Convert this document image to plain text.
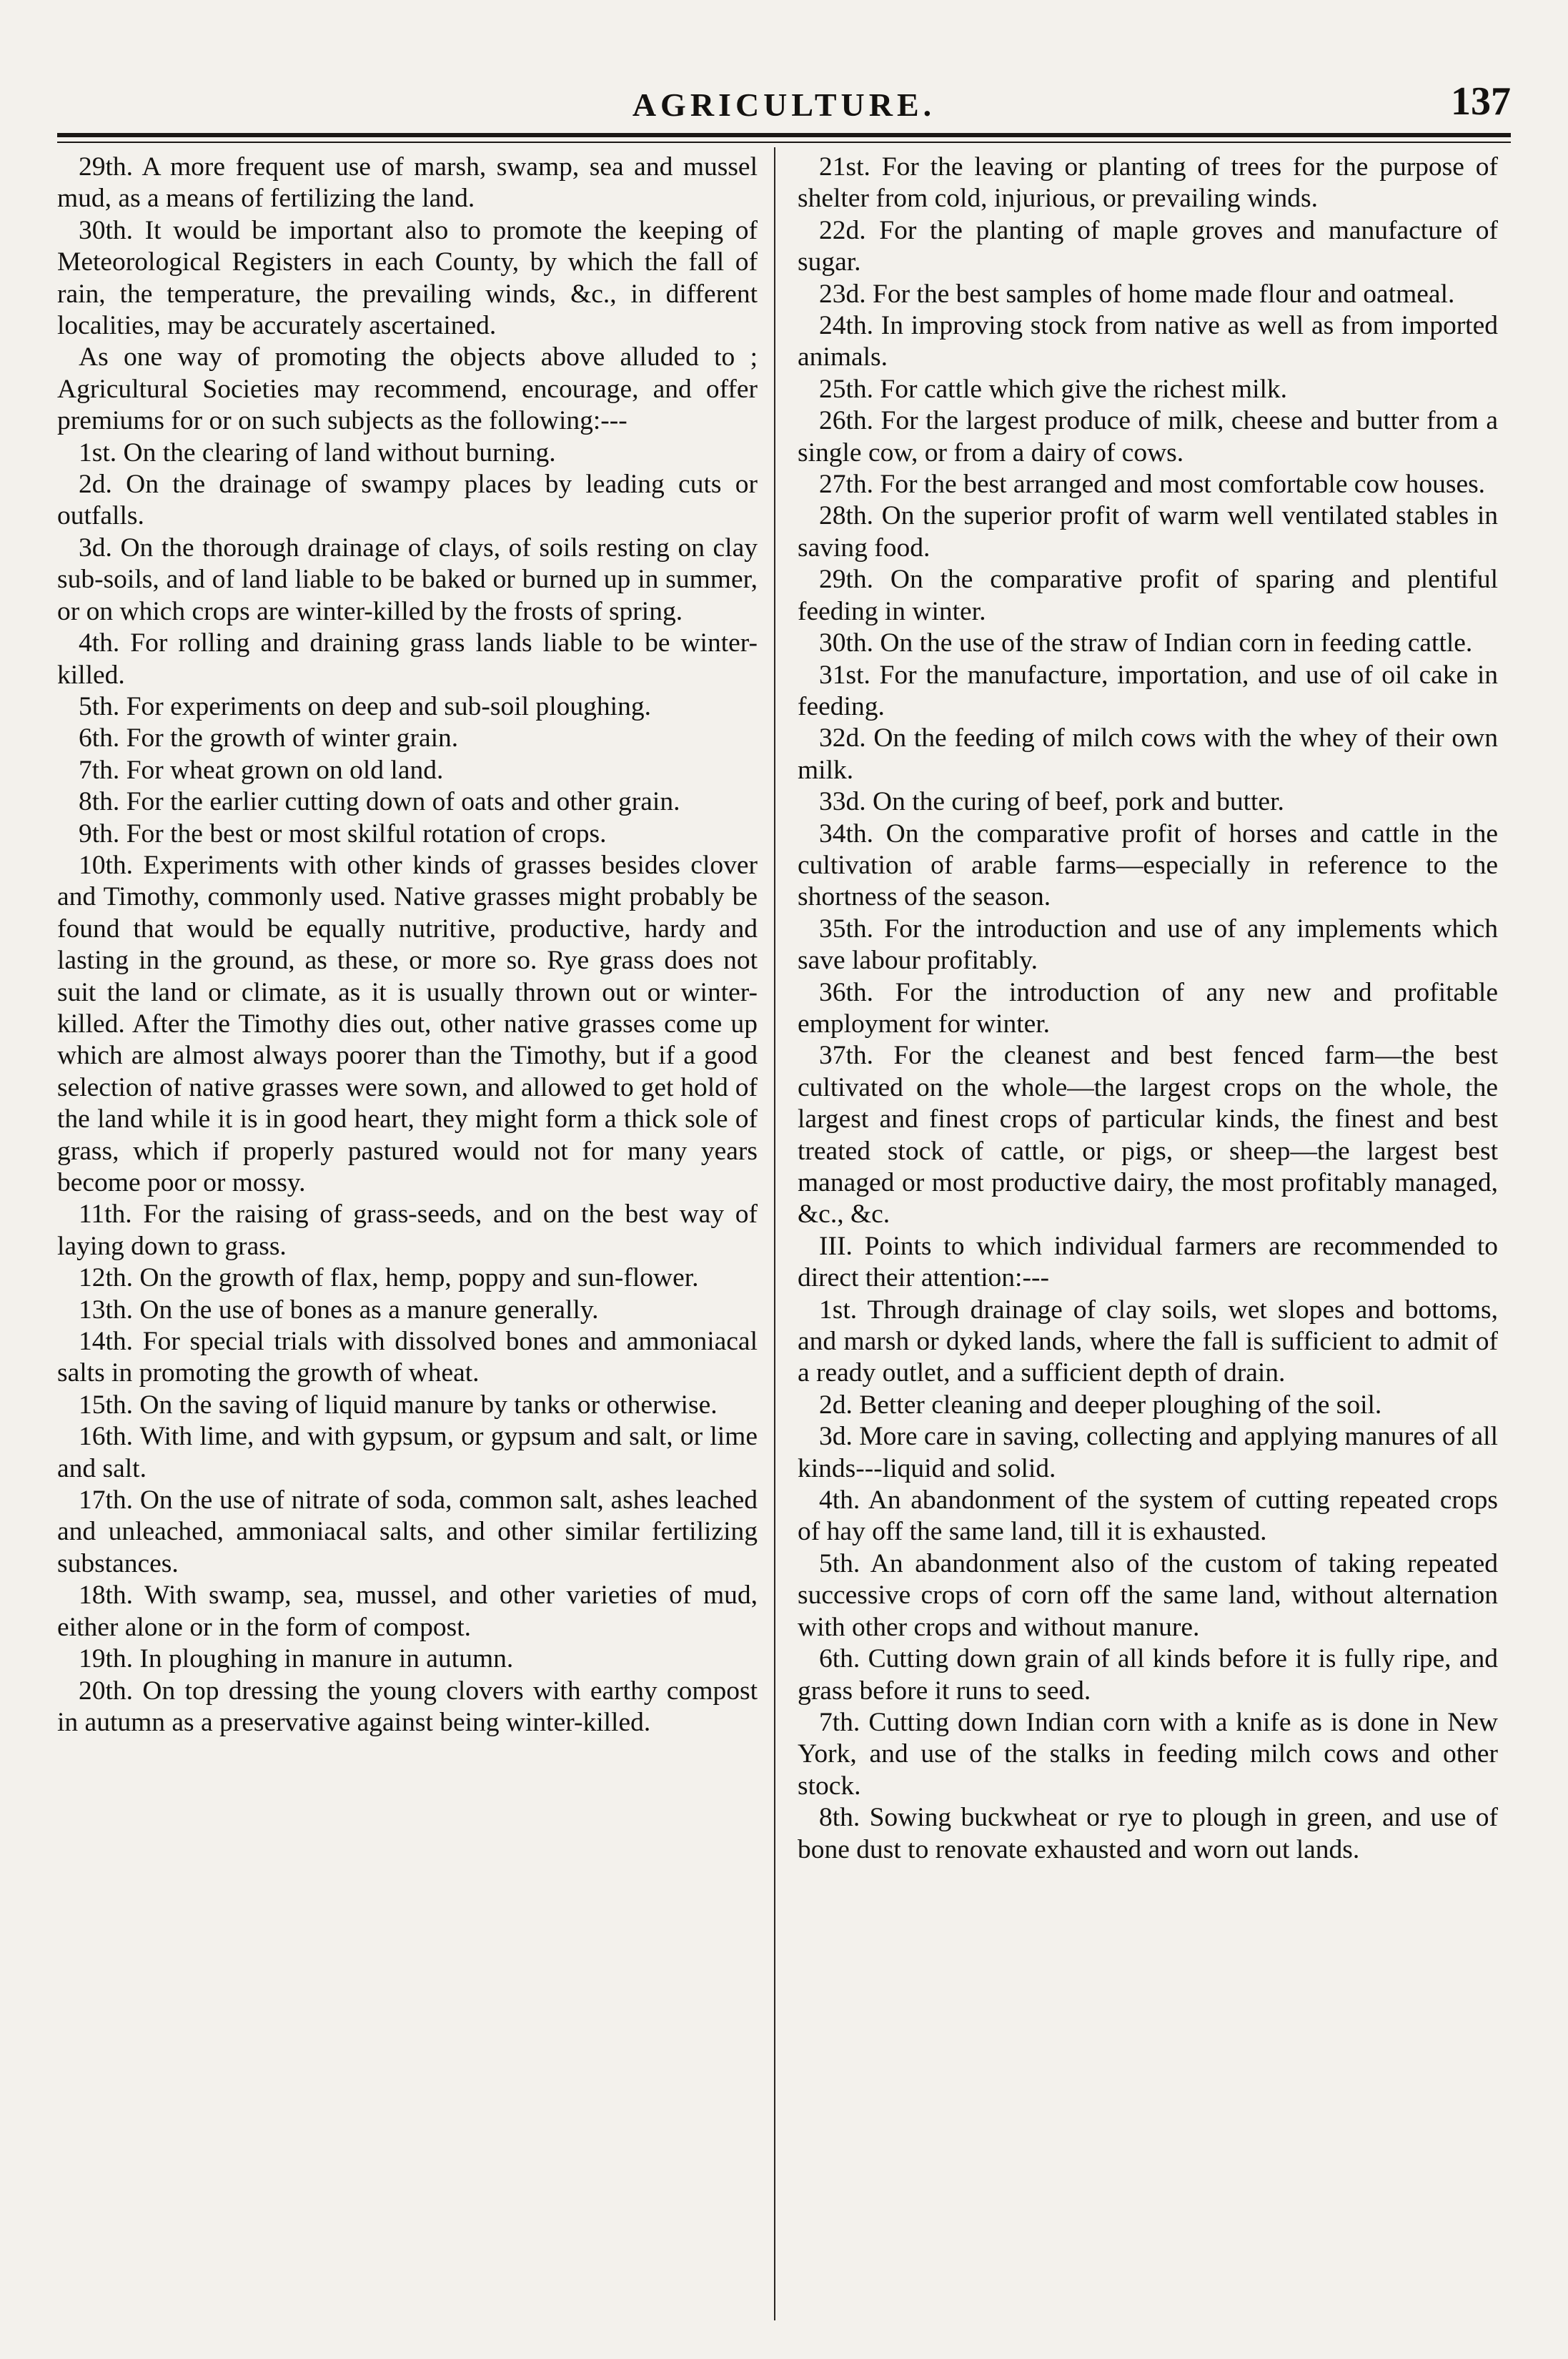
AGRICULTURE.	137

29th. A more frequent use of marsh, swamp, sea and mussel mud, as a means of fertilizing the land.

30th. It would be important also to promote the keeping of Meteorological Registers in each County, by which the fall of rain, the temperature, the prevailing winds, &c., in different localities, may be accurately ascertained.

As one way of promoting the objects above alluded to ; Agricultural Societies may recommend, encourage, and offer premiums for or on such subjects as the following:---

1st. On the clearing of land without burning.

2d. On the drainage of swampy places by leading cuts or outfalls.

3d. On the thorough drainage of clays, of soils resting on clay sub-soils, and of land liable to be baked or burned up in summer, or on which crops are winter-killed by the frosts of spring.

4th. For rolling and draining grass lands liable to be winter-killed.

5th. For experiments on deep and sub-soil ploughing.

6th. For the growth of winter grain.

7th. For wheat grown on old land.

8th. For the earlier cutting down of oats and other grain.

9th. For the best or most skilful rotation of crops.

10th. Experiments with other kinds of grasses besides clover and Timothy, commonly used. Native grasses might probably be found that would be equally nutritive, productive, hardy and lasting in the ground, as these, or more so. Rye grass does not suit the land or climate, as it is usually thrown out or winter-killed. After the Timothy dies out, other native grasses come up which are almost always poorer than the Timothy, but if a good selection of native grasses were sown, and allowed to get hold of the land while it is in good heart, they might form a thick sole of grass, which if properly pastured would not for many years become poor or mossy.

11th. For the raising of grass-seeds, and on the best way of laying down to grass.

12th. On the growth of flax, hemp, poppy and sun-flower.

13th. On the use of bones as a manure generally.

14th. For special trials with dissolved bones and ammoniacal salts in promoting the growth of wheat.

15th. On the saving of liquid manure by tanks or otherwise.

16th. With lime, and with gypsum, or gypsum and salt, or lime and salt.

17th. On the use of nitrate of soda, common salt, ashes leached and unleached, ammoniacal salts, and other similar fertilizing substances.

18th. With swamp, sea, mussel, and other varieties of mud, either alone or in the form of compost.

19th. In ploughing in manure in autumn.

20th. On top dressing the young clovers with earthy compost in autumn as a preservative against being winter-killed.

21st. For the leaving or planting of trees for the purpose of shelter from cold, injurious, or prevailing winds.

22d. For the planting of maple groves and manufacture of sugar.

23d. For the best samples of home made flour and oatmeal.

24th. In improving stock from native as well as from imported animals.

25th. For cattle which give the richest milk.

26th. For the largest produce of milk, cheese and butter from a single cow, or from a dairy of cows.

27th. For the best arranged and most comfortable cow houses.

28th. On the superior profit of warm well ventilated stables in saving food.

29th. On the comparative profit of sparing and plentiful feeding in winter.

30th. On the use of the straw of Indian corn in feeding cattle.

31st. For the manufacture, importation, and use of oil cake in feeding.

32d. On the feeding of milch cows with the whey of their own milk.

33d. On the curing of beef, pork and butter.

34th. On the comparative profit of horses and cattle in the cultivation of arable farms—especially in reference to the shortness of the season.

35th. For the introduction and use of any implements which save labour profitably.

36th. For the introduction of any new and profitable employment for winter.

37th. For the cleanest and best fenced farm—the best cultivated on the whole—the largest crops on the whole, the largest and finest crops of particular kinds, the finest and best treated stock of cattle, or pigs, or sheep—the largest best managed or most productive dairy, the most profitably managed, &c., &c.

III. Points to which individual farmers are recommended to direct their attention:---

1st. Through drainage of clay soils, wet slopes and bottoms, and marsh or dyked lands, where the fall is sufficient to admit of a ready outlet, and a sufficient depth of drain.

2d. Better cleaning and deeper ploughing of the soil.

3d. More care in saving, collecting and applying manures of all kinds---liquid and solid.

4th. An abandonment of the system of cutting repeated crops of hay off the same land, till it is exhausted.

5th. An abandonment also of the custom of taking repeated successive crops of corn off the same land, without alternation with other crops and without manure.

6th. Cutting down grain of all kinds before it is fully ripe, and grass before it runs to seed.

7th. Cutting down Indian corn with a knife as is done in New York, and use of the stalks in feeding milch cows and other stock.

8th. Sowing buckwheat or rye to plough in green, and use of bone dust to renovate exhausted and worn out lands.
